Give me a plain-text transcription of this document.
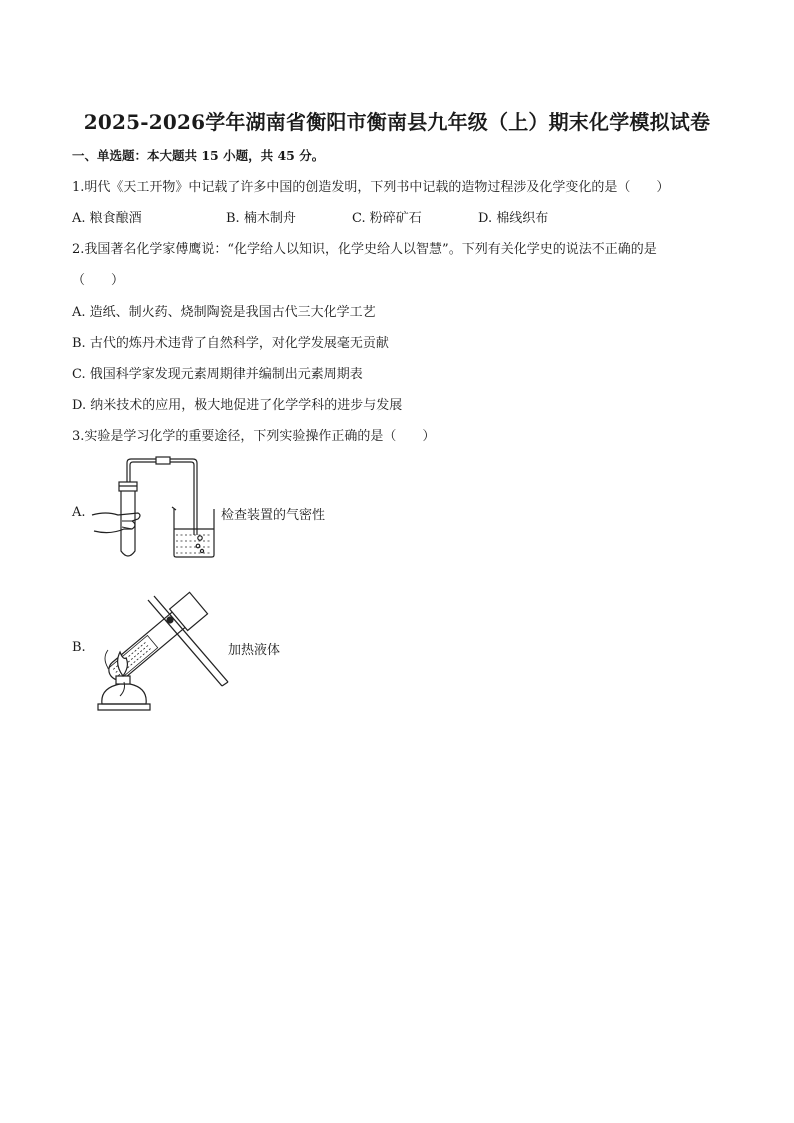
2025-2026学年湖南省衡阳市衡南县九年级（上）期末化学模拟试卷
一、单选题：本大题共 15 小题，共 45 分。
1.明代《天工开物》中记载了许多中国的创造发明，下列书中记载的造物过程涉及化学变化的是（　　）
A. 粮食酿酒	B. 楠木制舟	C. 粉碎矿石	D. 棉线织布
2.我国著名化学家傅鹰说：“化学给人以知识，化学史给人以智慧”。下列有关化学史的说法不正确的是
（　　）
A. 造纸、制火药、烧制陶瓷是我国古代三大化学工艺
B. 古代的炼丹术违背了自然科学，对化学发展毫无贡献
C. 俄国科学家发现元素周期律并编制出元素周期表
D. 纳米技术的应用，极大地促进了化学学科的进步与发展
3.实验是学习化学的重要途径，下列实验操作正确的是（　　）
A.	检查装置的气密性
B.	加热液体
